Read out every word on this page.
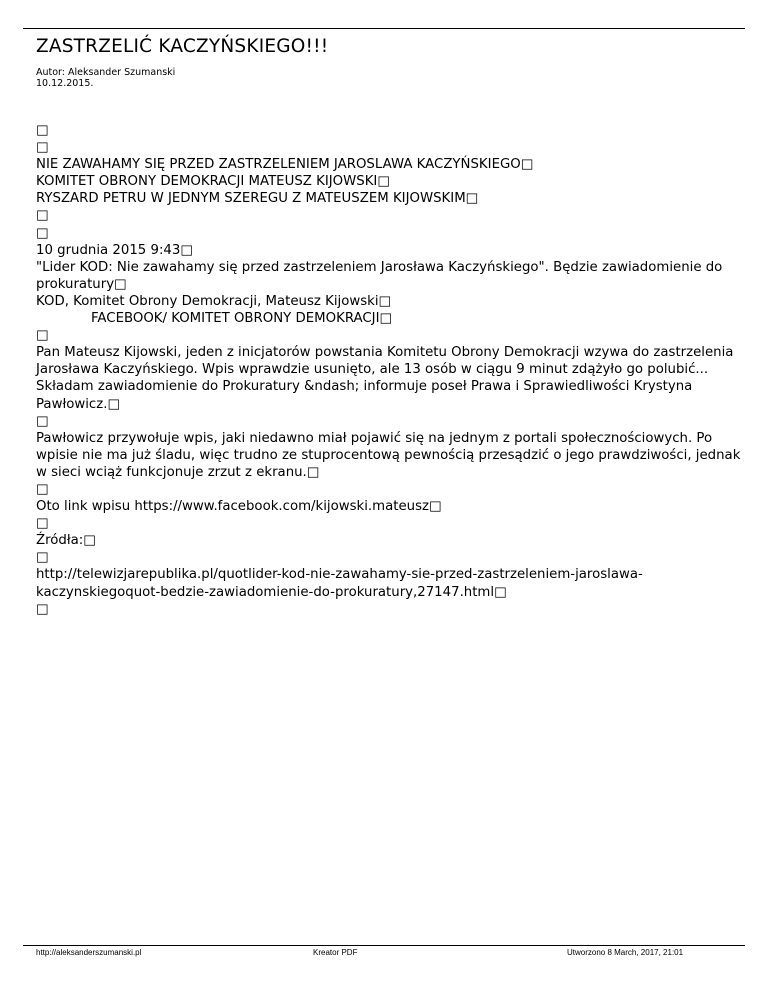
ZASTRZELIĆ KACZYŃSKIEGO!!!
Autor: Aleksander Szumanski
10.12.2015.
□
□
NIE ZAWAHAMY SIĘ PRZED ZASTRZELENIEM JAROSLAWA KACZYŃSKIEGO□
KOMITET OBRONY DEMOKRACJI MATEUSZ KIJOWSKI□
RYSZARD PETRU W JEDNYM SZEREGU Z MATEUSZEM KIJOWSKIM□
□
□
10 grudnia 2015 9:43□
"Lider KOD: Nie zawahamy się przed zastrzeleniem Jarosława Kaczyńskiego". Będzie zawiadomienie do prokuratury□
KOD, Komitet Obrony Demokracji, Mateusz Kijowski□
FACEBOOK/ KOMITET OBRONY DEMOKRACJI□
□
Pan Mateusz Kijowski, jeden z inicjatorów powstania Komitetu Obrony Demokracji wzywa do zastrzelenia Jarosława Kaczyńskiego. Wpis wprawdzie usunięto, ale 13 osób w ciągu 9 minut zdążyło go polubić... Składam zawiadomienie do Prokuratury &ndash; informuje poseł Prawa i Sprawiedliwości Krystyna Pawłowicz.□
□
Pawłowicz przywołuje wpis, jaki niedawno miał pojawić się na jednym z portali społecznościowych. Po wpisie nie ma już śladu, więc trudno ze stuprocentową pewnością przesądzić o jego prawdziwości, jednak w sieci wciąż funkcjonuje zrzut z ekranu.□
□
Oto link wpisu https://www.facebook.com/kijowski.mateusz□
□
Źródła:□
□
http://telewizjarepublika.pl/quotlider-kod-nie-zawahamy-sie-przed-zastrzeleniem-jaroslawa-kaczynskiegoquot-bedzie-zawiadomienie-do-prokuratury,27147.html□
□
http://aleksanderszumanski.pl	Kreator PDF	Utworzono 8 March, 2017, 21:01
